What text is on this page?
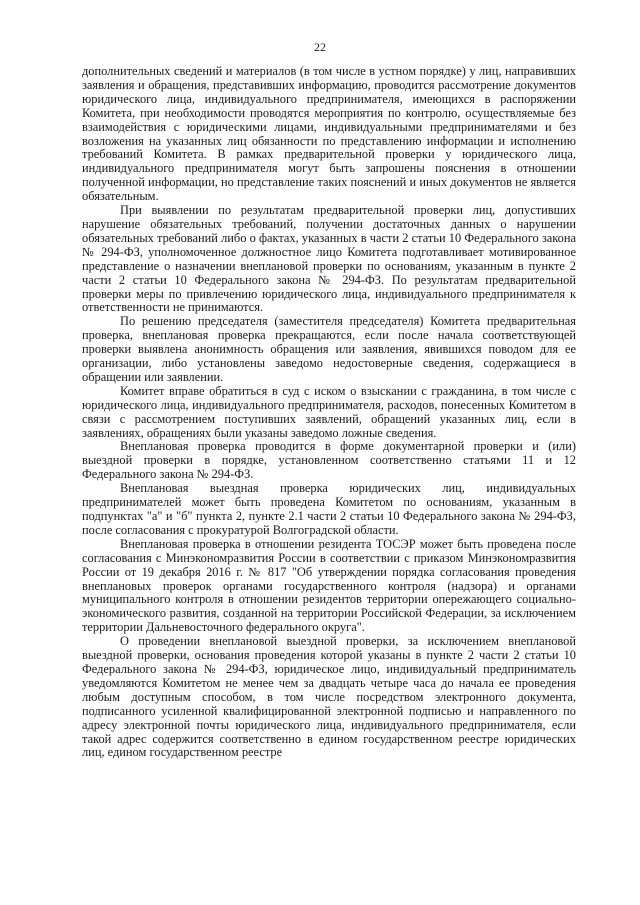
22

дополнительных сведений и материалов (в том числе в устном порядке) у лиц, направивших заявления и обращения, представивших информацию, проводится рассмотрение документов юридического лица, индивидуального предпринимателя, имеющихся в распоряжении Комитета, при необходимости проводятся мероприятия по контролю, осуществляемые без взаимодействия с юридическими лицами, индивидуальными предпринимателями и без возложения на указанных лиц обязанности по представлению информации и исполнению требований Комитета. В рамках предварительной проверки у юридического лица, индивидуального предпринимателя могут быть запрошены пояснения в отношении полученной информации, но представление таких пояснений и иных документов не является обязательным.

При выявлении по результатам предварительной проверки лиц, допустивших нарушение обязательных требований, получении достаточных данных о нарушении обязательных требований либо о фактах, указанных в части 2 статьи 10 Федерального закона № 294-ФЗ, уполномоченное должностное лицо Комитета подготавливает мотивированное представление о назначении внеплановой проверки по основаниям, указанным в пункте 2 части 2 статьи 10 Федерального закона № 294-ФЗ. По результатам предварительной проверки меры по привлечению юридического лица, индивидуального предпринимателя к ответственности не принимаются.

По решению председателя (заместителя председателя) Комитета предварительная проверка, внеплановая проверка прекращаются, если после начала соответствующей проверки выявлена анонимность обращения или заявления, явившихся поводом для ее организации, либо установлены заведомо недостоверные сведения, содержащиеся в обращении или заявлении.

Комитет вправе обратиться в суд с иском о взыскании с гражданина, в том числе с юридического лица, индивидуального предпринимателя, расходов, понесенных Комитетом в связи с рассмотрением поступивших заявлений, обращений указанных лиц, если в заявлениях, обращениях были указаны заведомо ложные сведения.

Внеплановая проверка проводится в форме документарной проверки и (или) выездной проверки в порядке, установленном соответственно статьями 11 и 12 Федерального закона № 294-ФЗ.

Внеплановая выездная проверка юридических лиц, индивидуальных предпринимателей может быть проведена Комитетом по основаниям, указанным в подпунктах "а" и "б" пункта 2, пункте 2.1 части 2 статьи 10 Федерального закона № 294-ФЗ, после согласования с прокуратурой Волгоградской области.

Внеплановая проверка в отношении резидента ТОСЭР может быть проведена после согласования с Минэкономразвития России в соответствии с приказом Минэкономразвития России от 19 декабря 2016 г. № 817 "Об утверждении порядка согласования проведения внеплановых проверок органами государственного контроля (надзора) и органами муниципального контроля в отношении резидентов территории опережающего социально-экономического развития, созданной на территории Российской Федерации, за исключением территории Дальневосточного федерального округа".

О проведении внеплановой выездной проверки, за исключением внеплановой выездной проверки, основания проведения которой указаны в пункте 2 части 2 статьи 10 Федерального закона № 294-ФЗ, юридическое лицо, индивидуальный предприниматель уведомляются Комитетом не менее чем за двадцать четыре часа до начала ее проведения любым доступным способом, в том числе посредством электронного документа, подписанного усиленной квалифицированной электронной подписью и направленного по адресу электронной почты юридического лица, индивидуального предпринимателя, если такой адрес содержится соответственно в едином государственном реестре юридических лиц, едином государственном реестре
